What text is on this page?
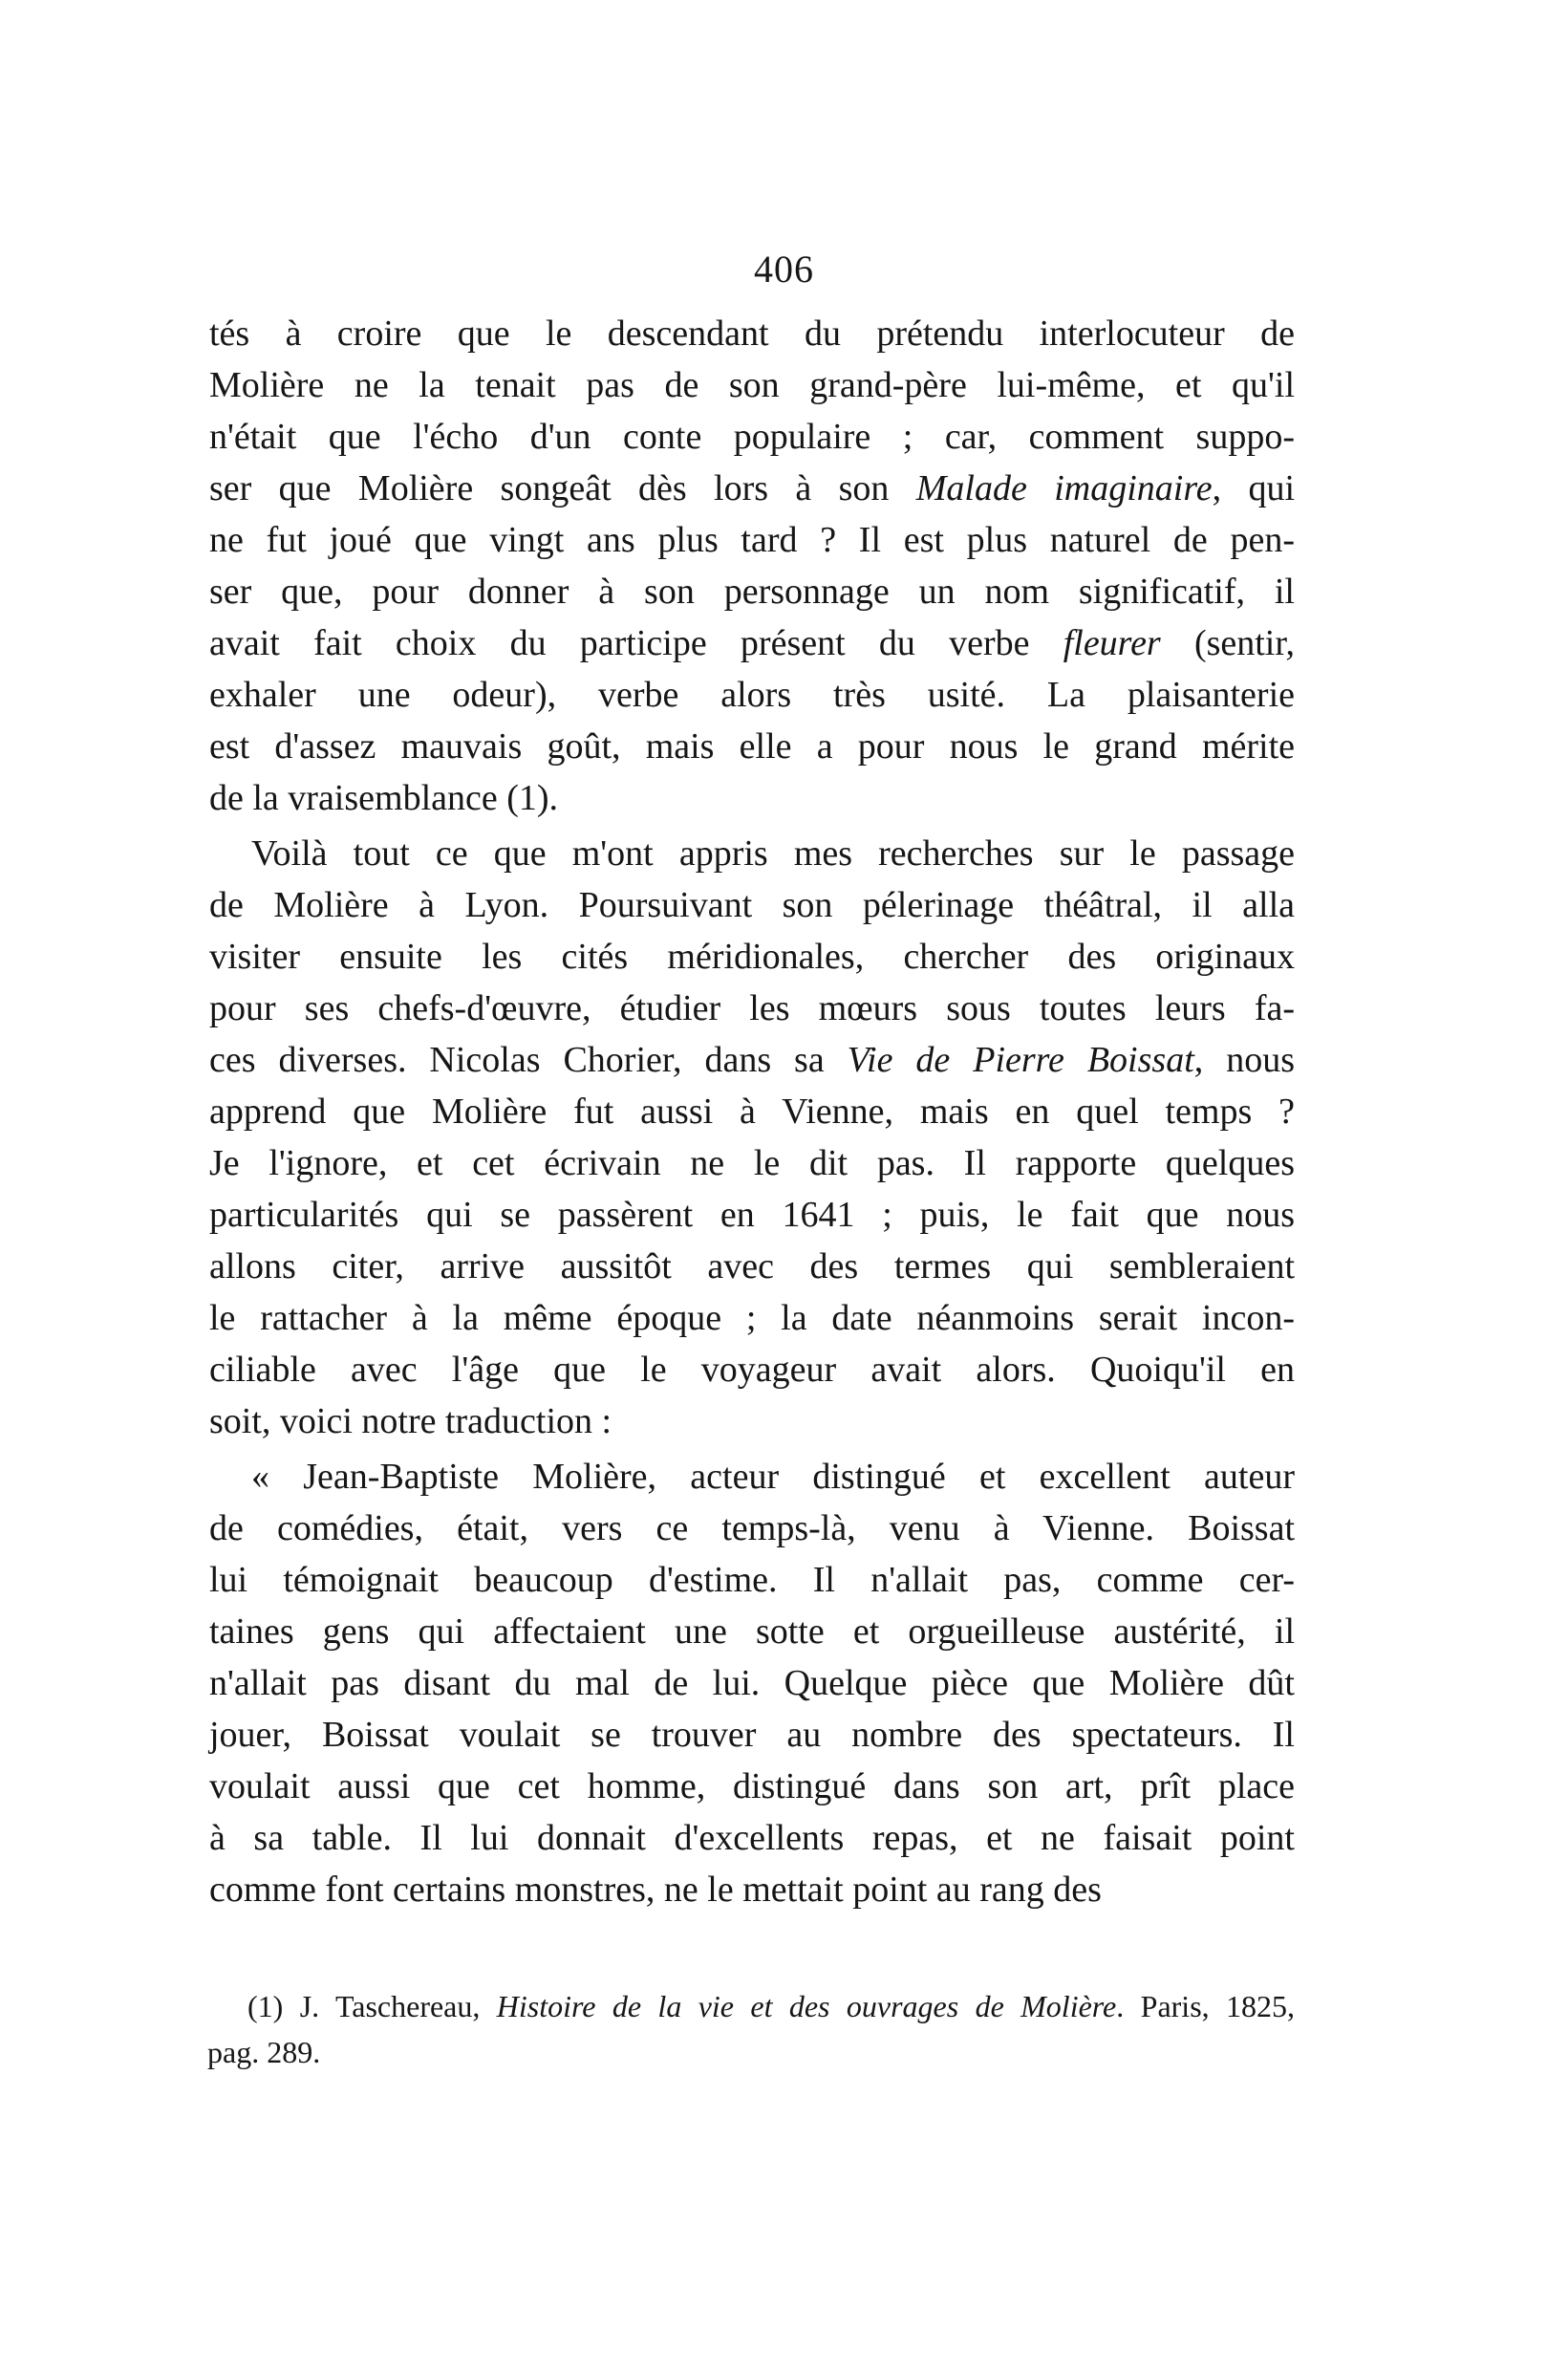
406
tés à croire que le descendant du prétendu interlocuteur de
Molière ne la tenait pas de son grand-père lui-même, et qu'il
n'était que l'écho d'un conte populaire ; car, comment suppo-
ser que Molière songeât dès lors à son Malade imaginaire, qui
ne fut joué que vingt ans plus tard ? Il est plus naturel de pen-
ser que, pour donner à son personnage un nom significatif, il
avait fait choix du participe présent du verbe fleurer (sentir,
exhaler une odeur), verbe alors très usité. La plaisanterie
est d'assez mauvais goût, mais elle a pour nous le grand mérite
de la vraisemblance (1).
Voilà tout ce que m'ont appris mes recherches sur le passage
de Molière à Lyon. Poursuivant son pélerinage théâtral, il alla
visiter ensuite les cités méridionales, chercher des originaux
pour ses chefs-d'œuvre, étudier les mœurs sous toutes leurs fa-
ces diverses. Nicolas Chorier, dans sa Vie de Pierre Boissat, nous
apprend que Molière fut aussi à Vienne, mais en quel temps ?
Je l'ignore, et cet écrivain ne le dit pas. Il rapporte quelques
particularités qui se passèrent en 1641 ; puis, le fait que nous
allons citer, arrive aussitôt avec des termes qui sembleraient
le rattacher à la même époque ; la date néanmoins serait incon-
ciliable avec l'âge que le voyageur avait alors. Quoiqu'il en
soit, voici notre traduction :
« Jean-Baptiste Molière, acteur distingué et excellent auteur
de comédies, était, vers ce temps-là, venu à Vienne. Boissat
lui témoignait beaucoup d'estime. Il n'allait pas, comme cer-
taines gens qui affectaient une sotte et orgueilleuse austérité, il
n'allait pas disant du mal de lui. Quelque pièce que Molière dût
jouer, Boissat voulait se trouver au nombre des spectateurs. Il
voulait aussi que cet homme, distingué dans son art, prît place
à sa table. Il lui donnait d'excellents repas, et ne faisait point
comme font certains monstres, ne le mettait point au rang des
(1) J. Taschereau, Histoire de la vie et des ouvrages de Molière. Paris, 1825,
pag. 289.
